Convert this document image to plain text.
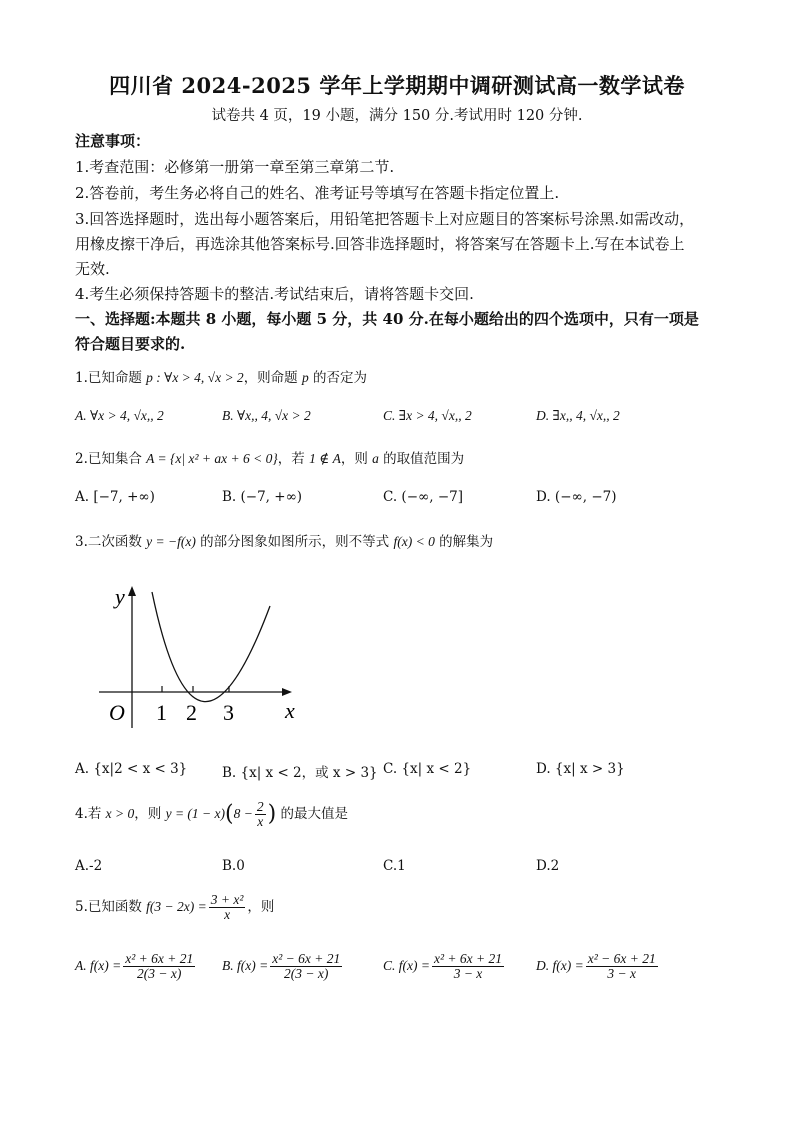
四川省 2024-2025 学年上学期期中调研测试高一数学试卷
试卷共 4 页，19 小题，满分 150 分.考试用时 120 分钟.
注意事项：
1.考查范围：必修第一册第一章至第三章第二节.
2.答卷前，考生务必将自己的姓名、准考证号等填写在答题卡指定位置上.
3.回答选择题时，选出每小题答案后，用铅笔把答题卡上对应题目的答案标号涂黑.如需改动，
用橡皮擦干净后，再选涂其他答案标号.回答非选择题时，将答案写在答题卡上.写在本试卷上
无效.
4.考生必须保持答题卡的整洁.考试结束后，请将答题卡交回.
一、选择题:本题共 8 小题，每小题 5 分，共 40 分.在每小题给出的四个选项中，只有一项是
符合题目要求的.
1.已知命题 p : ∀x > 4, √x > 2，则命题 p 的否定为
A. ∀x > 4, √x,, 2	B. ∀x,, 4, √x > 2	C. ∃x > 4, √x,, 2	D. ∃x,, 4, √x,, 2
2.已知集合 A = {x| x² + ax + 6 < 0}，若 1 ∉ A，则 a 的取值范围为
A. [−7, +∞)	B. (−7, +∞)	C. (−∞, −7]	D. (−∞, −7)
3.二次函数 y = −f(x) 的部分图象如图所示，则不等式 f(x) < 0 的解集为
y
x
O 1 2 3
A. {x|2 < x < 3}	B. {x| x < 2，或 x > 3} C. {x| x < 2}	D. {x| x > 3}
4.若 x > 0，则 $y = (1 - x)(8 - \frac{2}{x}$ ) 的最大值是
A.-2	B.0	C.1	D.2
5.已知函数 $f(3 - 2x) = \frac{\text{3 + x²}}{x}$ ，则
A. $f(x) = \frac{\text{x² + 6x + 21}}{2(3 - x)} B$. $f(x) = \frac{\text{x² − 6x + 21}}{2(3 - x)}$	C. $f(x) = \frac{\text{x² + 6x + 21}}{3 - x} D$. $f(x) = \frac{\text{x² − 6x + 21}}{3 - x}$
